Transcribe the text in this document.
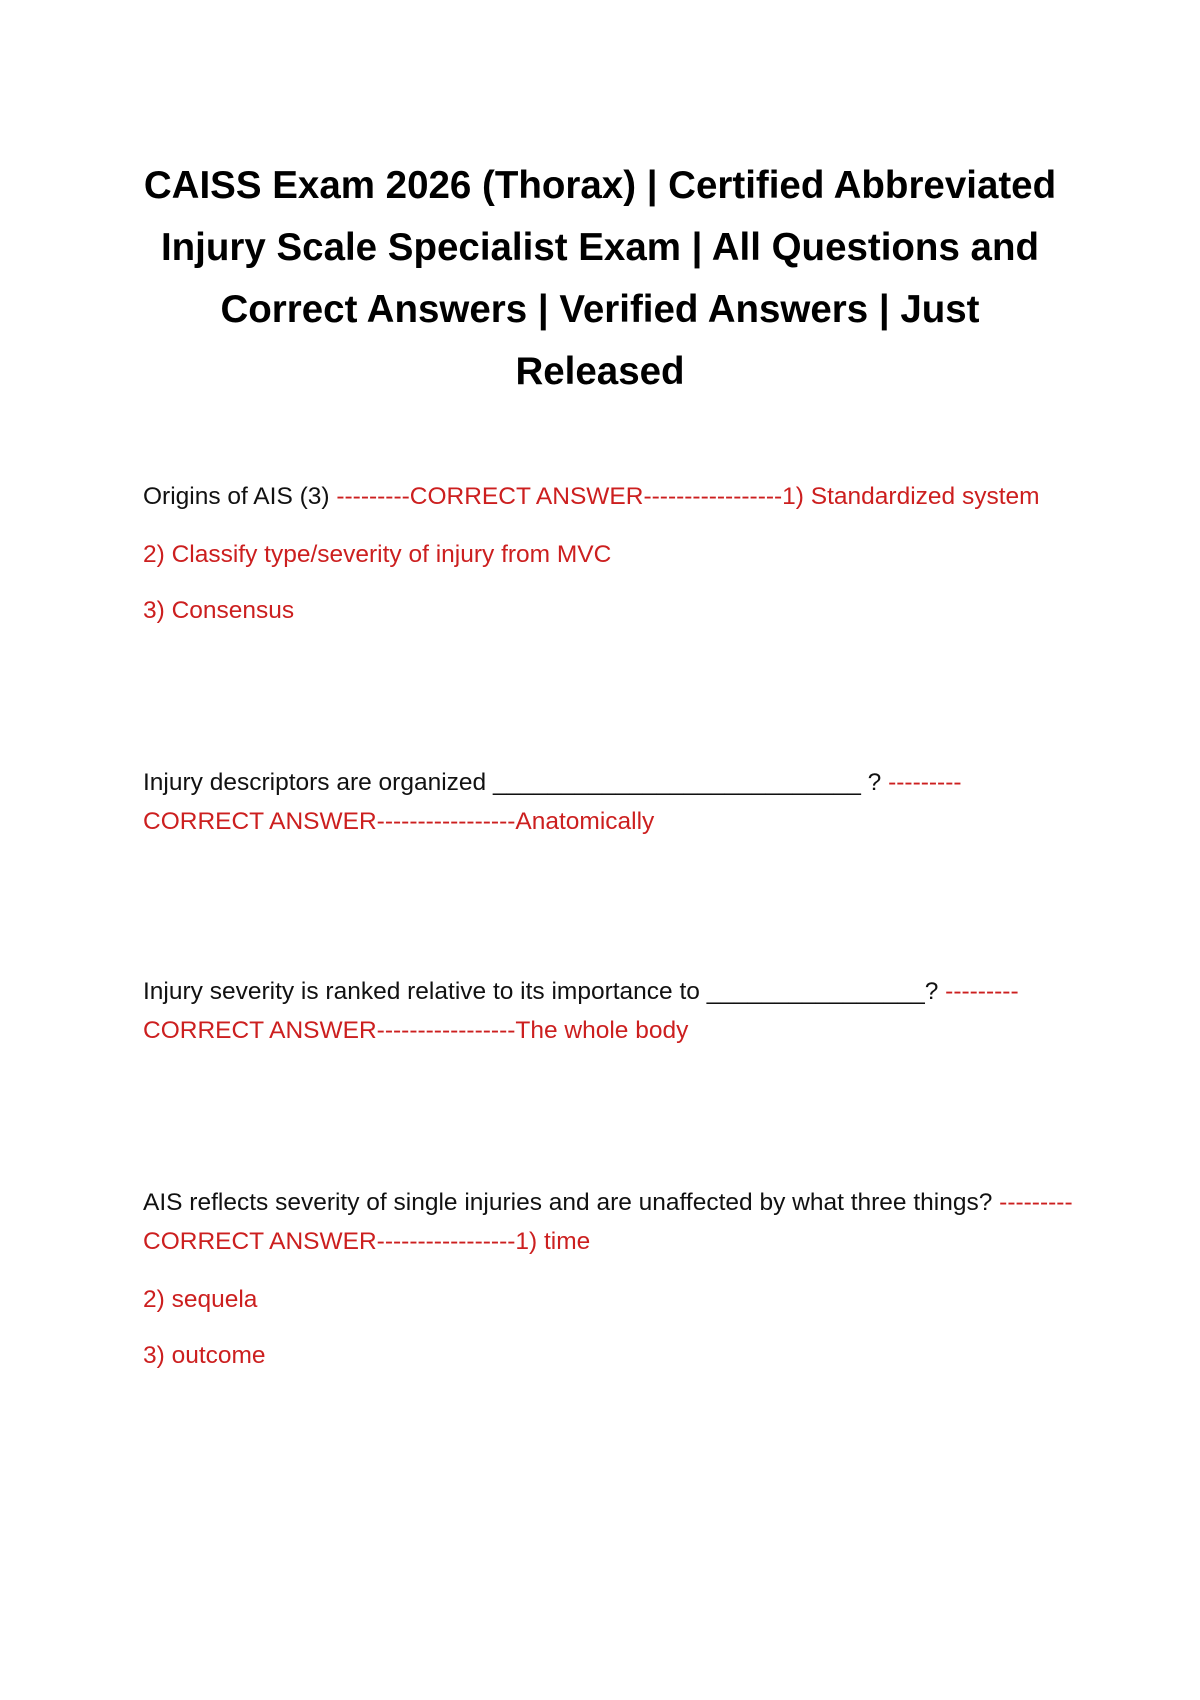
CAISS Exam 2026 (Thorax) | Certified Abbreviated
Injury Scale Specialist Exam | All Questions and
Correct Answers | Verified Answers | Just
Released

Origins of AIS (3) ---------CORRECT ANSWER-----------------1) Standardized system

2) Classify type/severity of injury from MVC

3) Consensus

Injury descriptors are organized ___________________________ ? ---------CORRECT ANSWER-----------------Anatomically

Injury severity is ranked relative to its importance to ________________? ---------CORRECT ANSWER-----------------The whole body

AIS reflects severity of single injuries and are unaffected by what three things? ---------CORRECT ANSWER-----------------1) time

2) sequela

3) outcome
